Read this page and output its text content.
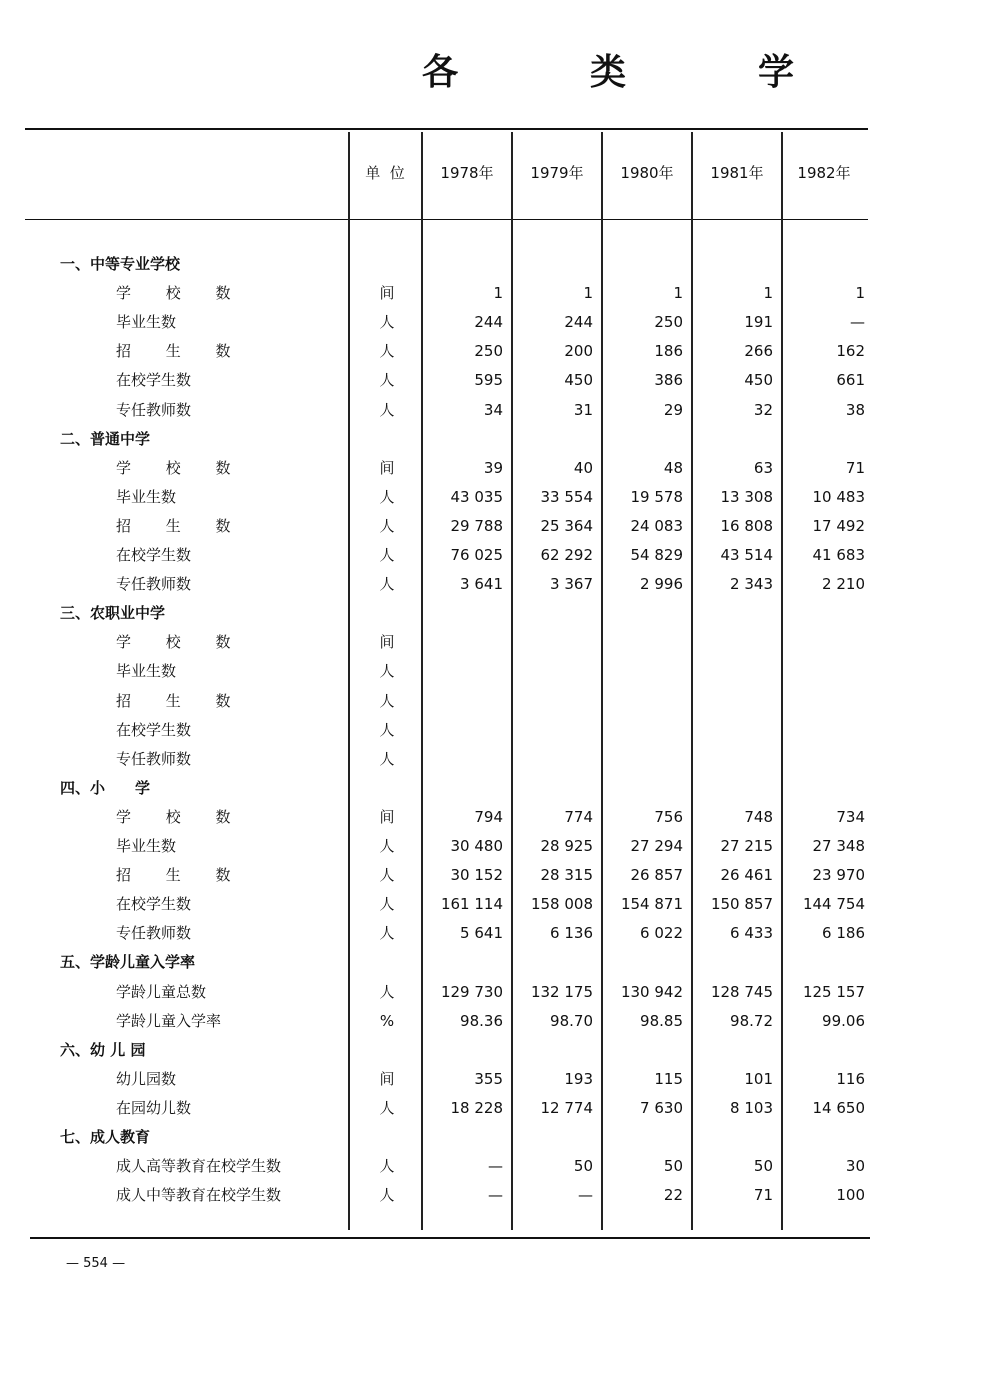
各	类	学
单  位	1978年	1979年	1980年	1981年	1982年
一、中等专业学校
学 校 数	间	1	1	1	1	1
毕业生数	人	244	244	250	191	—
招 生 数	人	250	200	186	266	162
在校学生数	人	595	450	386	450	661
专任教师数	人	34	31	29	32	38
二、普通中学
学 校 数	间	39	40	48	63	71
毕业生数	人	43 035	33 554	19 578	13 308	10 483
招 生 数	人	29 788	25 364	24 083	16 808	17 492
在校学生数	人	76 025	62 292	54 829	43 514	41 683
专任教师数	人	3 641	3 367	2 996	2 343	2 210
三、农职业中学
学 校 数	间
毕业生数	人
招 生 数	人
在校学生数	人
专任教师数	人
四、小　　学
学 校 数	间	794	774	756	748	734
毕业生数	人	30 480	28 925	27 294	27 215	27 348
招 生 数	人	30 152	28 315	26 857	26 461	23 970
在校学生数	人	161 114	158 008	154 871	150 857	144 754
专任教师数	人	5 641	6 136	6 022	6 433	6 186
五、学龄儿童入学率
学龄儿童总数	人	129 730	132 175	130 942	128 745	125 157
学龄儿童入学率	%	98.36	98.70	98.85	98.72	99.06
六、幼 儿 园
幼儿园数	间	355	193	115	101	116
在园幼儿数	人	18 228	12 774	7 630	8 103	14 650
七、成人教育
成人高等教育在校学生数	人	—	50	50	50	30
成人中等教育在校学生数	人	—	—	22	71	100
— 554 —
